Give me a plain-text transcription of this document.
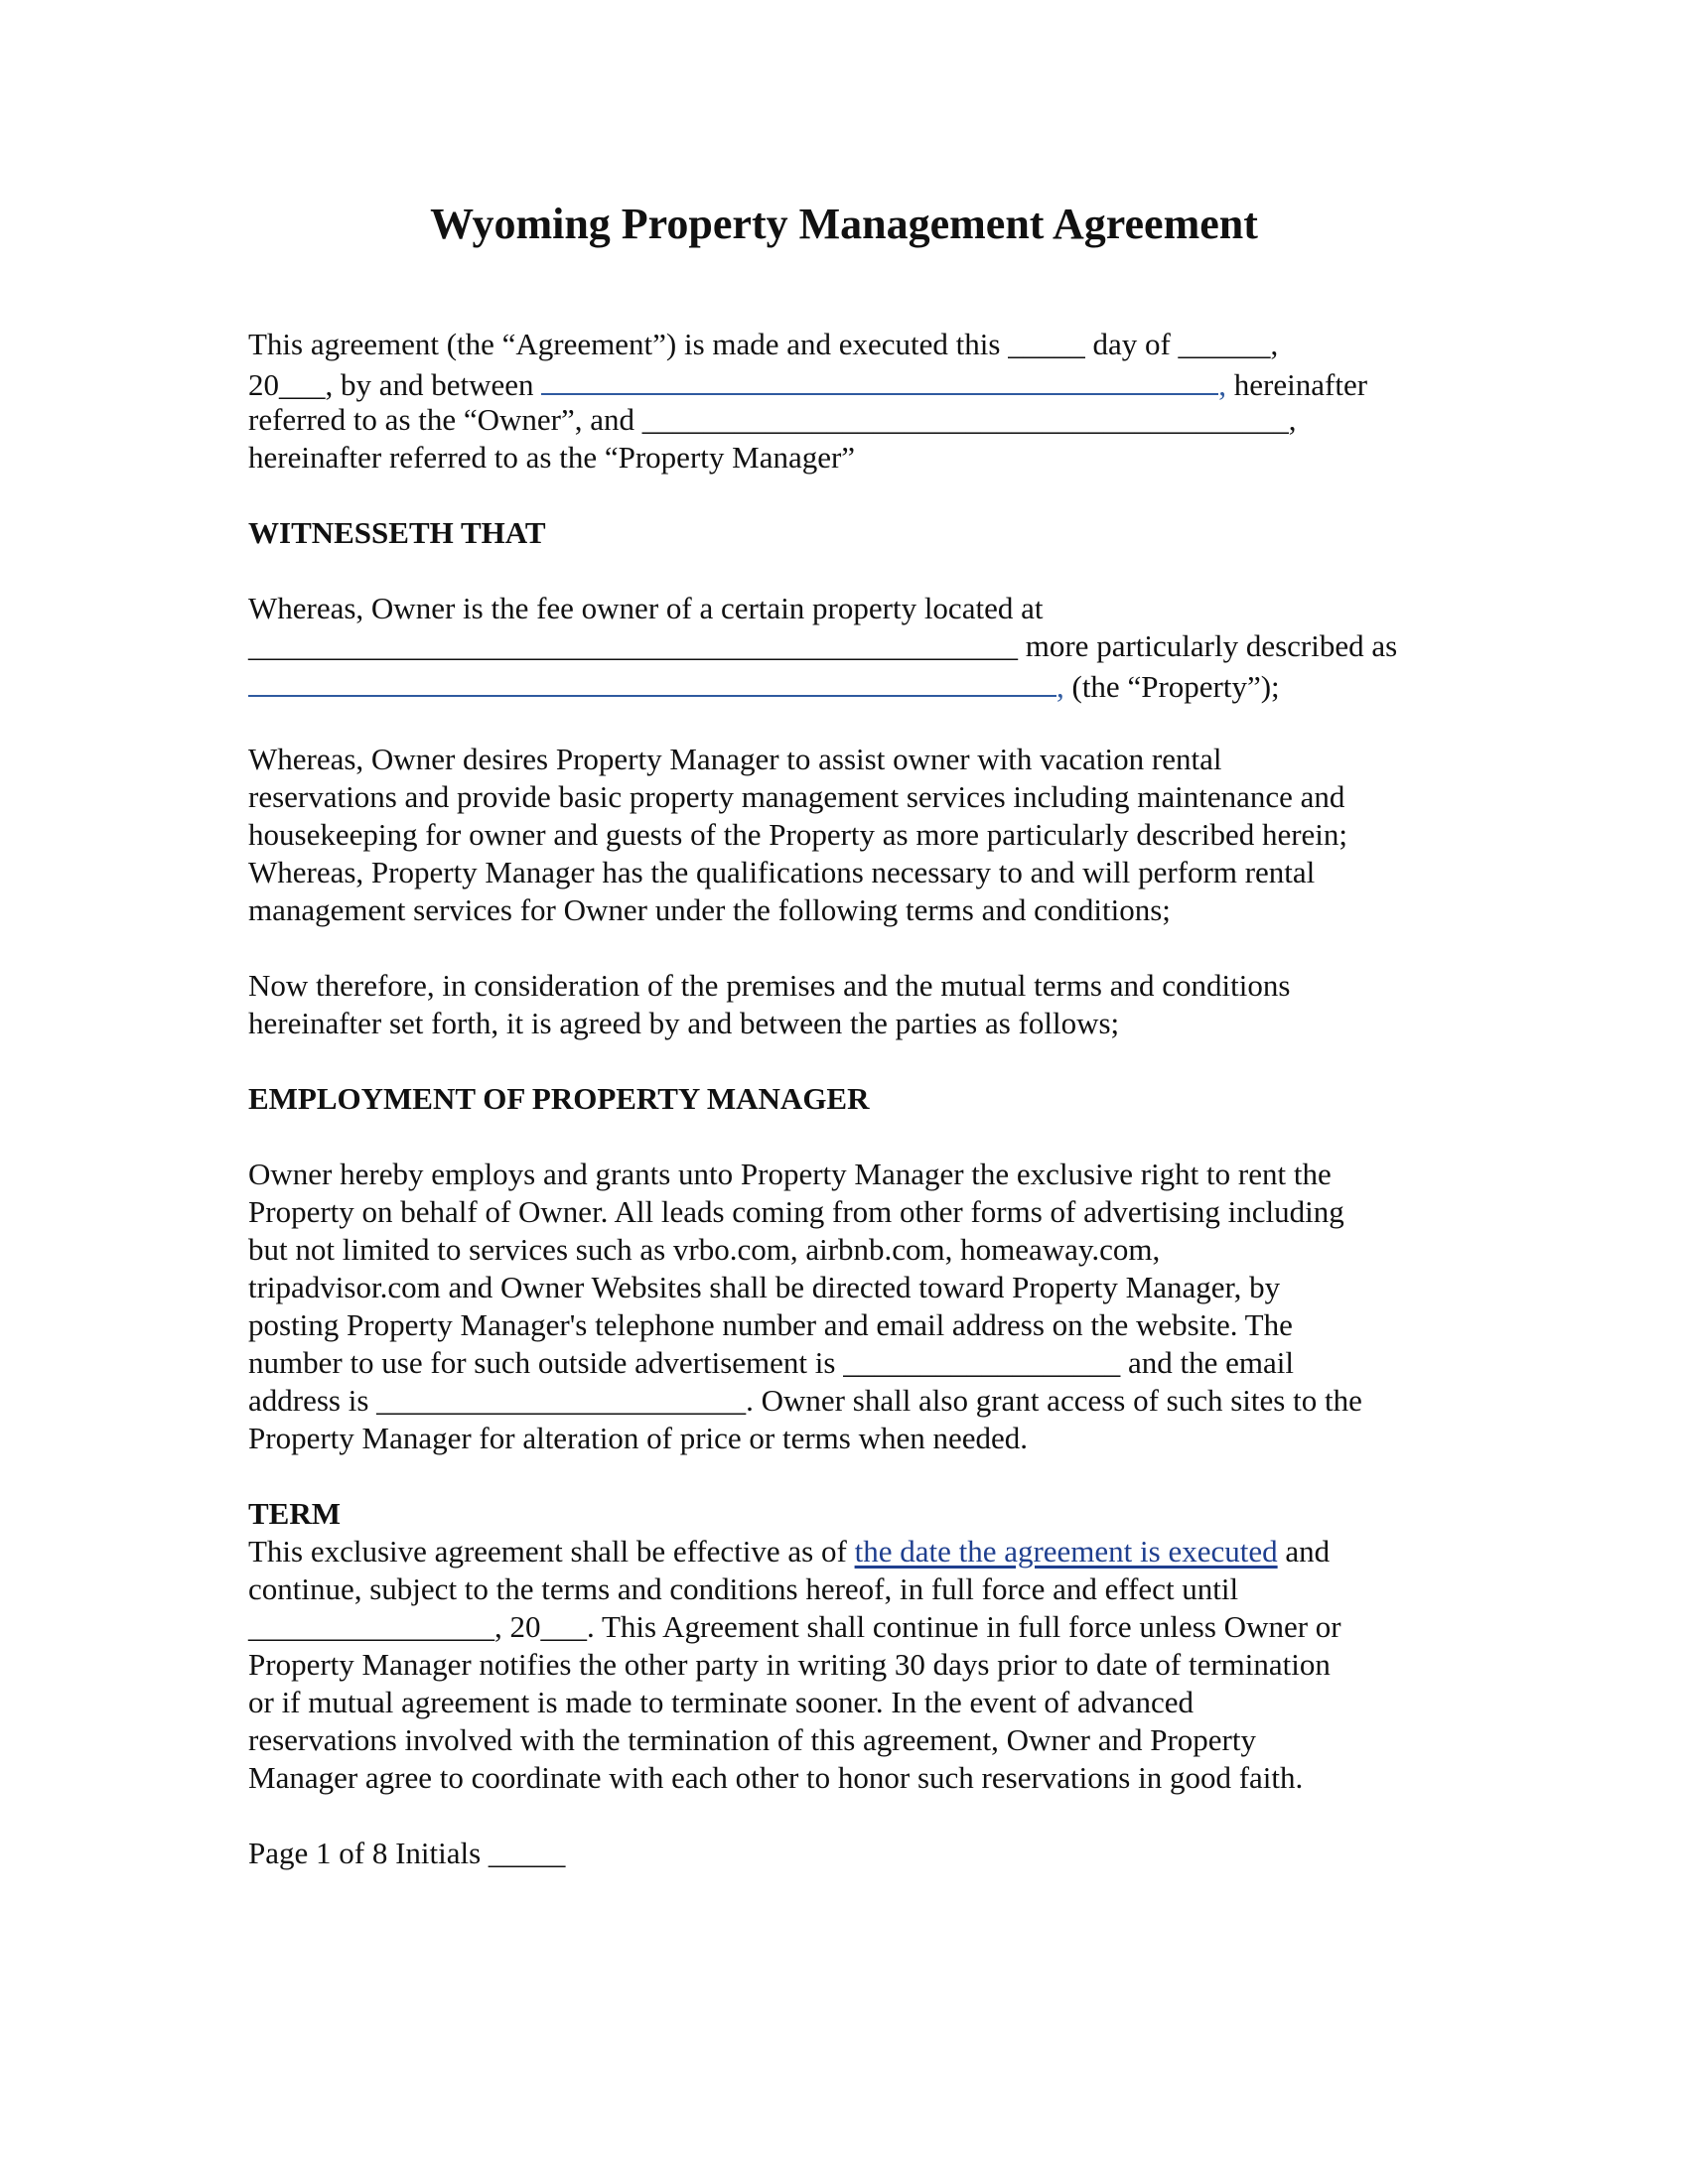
Wyoming Property Management Agreement

This agreement (the “Agreement”) is made and executed this _____ day of ______,

20___, by and between	, hereinafter

referred to as the “Owner”, and __________________________________________,

hereinafter referred to as the “Property Manager”

WITNESSETH THAT

Whereas, Owner is the fee owner of a certain property located at

__________________________________________________ more particularly described as

, (the “Property”);

Whereas, Owner desires Property Manager to assist owner with vacation rental

reservations and provide basic property management services including maintenance and

housekeeping for owner and guests of the Property as more particularly described herein;

Whereas, Property Manager has the qualifications necessary to and will perform rental

management services for Owner under the following terms and conditions;

Now therefore, in consideration of the premises and the mutual terms and conditions

hereinafter set forth, it is agreed by and between the parties as follows;

EMPLOYMENT OF PROPERTY MANAGER

Owner hereby employs and grants unto Property Manager the exclusive right to rent the

Property on behalf of Owner. All leads coming from other forms of advertising including

but not limited to services such as vrbo.com, airbnb.com, homeaway.com,

tripadvisor.com and Owner Websites shall be directed toward Property Manager, by

posting Property Manager's telephone number and email address on the website. The

number to use for such outside advertisement is __________________ and the email

address is ________________________. Owner shall also grant access of such sites to the

Property Manager for alteration of price or terms when needed.

TERM

This exclusive agreement shall be effective as of the date the agreement is executed and

continue, subject to the terms and conditions hereof, in full force and effect until

________________, 20___. This Agreement shall continue in full force unless Owner or

Property Manager notifies the other party in writing 30 days prior to date of termination

or if mutual agreement is made to terminate sooner. In the event of advanced

reservations involved with the termination of this agreement, Owner and Property

Manager agree to coordinate with each other to honor such reservations in good faith.

Page 1 of 8 Initials _____
